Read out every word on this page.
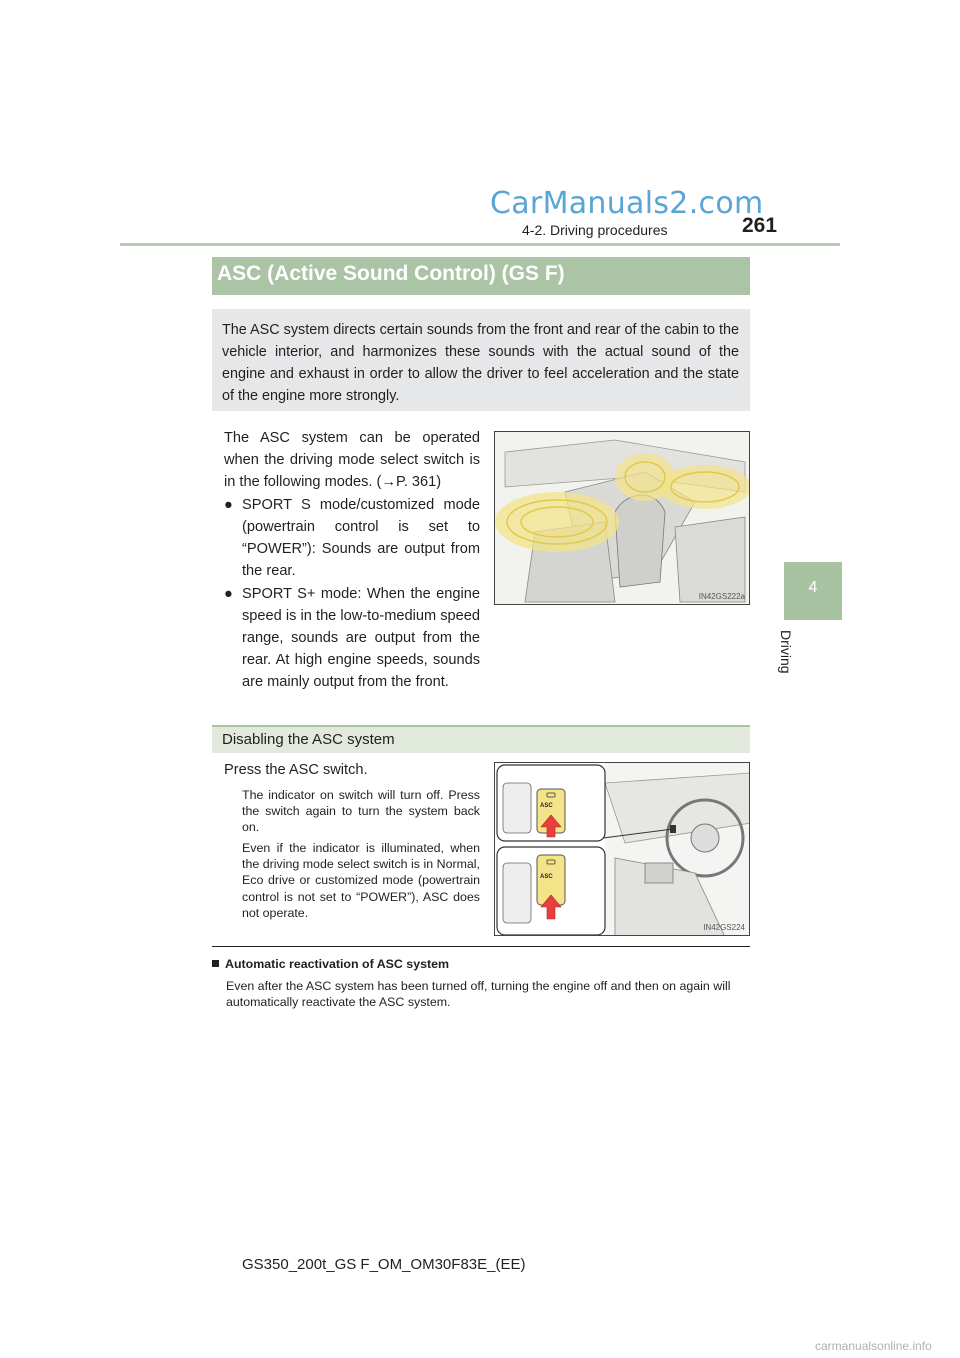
CarManuals2.com
4-2. Driving procedures	261
4
Driving
ASC (Active Sound Control) (GS F)
The ASC system directs certain sounds from the front and rear of the cabin to the vehicle interior, and harmonizes these sounds with the actual sound of the engine and exhaust in order to allow the driver to feel acceleration and the state of the engine more strongly.
The ASC system can be operated when the driving mode select switch is in the following modes. (→P. 361)
● SPORT S mode/customized mode (powertrain control is set to “POWER”): Sounds are output from the rear.
● SPORT S+ mode: When the engine speed is in the low-to-medium speed range, sounds are output from the rear. At high engine speeds, sounds are mainly output from the front.
IN42GS222a
Disabling the ASC system
Press the ASC switch.
The indicator on switch will turn off. Press the switch again to turn the system back on.
Even if the indicator is illuminated, when the driving mode select switch is in Normal, Eco drive or customized mode (powertrain control is not set to “POWER”), ASC does not operate.
ASC
ASC
IN42GS224
Automatic reactivation of ASC system
Even after the ASC system has been turned off, turning the engine off and then on again will automatically reactivate the ASC system.
GS350_200t_GS F_OM_OM30F83E_(EE)
carmanualsonline.info
